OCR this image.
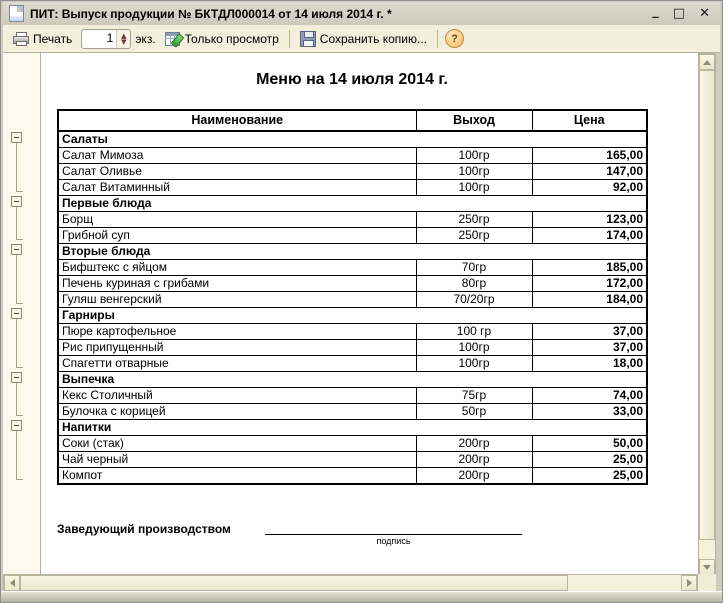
ПИТ: Выпуск продукции № БКТДЛ000014 от 14 июля 2014 г. *	_ □ ✕
Печать	1	▲
▼ экз. Только просмотр	Сохранить копию...	?
Меню на 14 июля 2014 г.
Наименование	Выход	Цена
Салаты		
Салат Мимоза	100гр	165,00
Салат Оливье	100гр	147,00
Салат Витаминный	100гр	92,00
Первые блюда		
Борщ	250гр	123,00
Грибной суп	250гр	174,00
Вторые блюда		
Бифштекс с яйцом	70гр	185,00
Печень куриная с грибами	80гр	172,00
Гуляш венгерский	70/20гр	184,00
Гарниры		
Пюре картофельное	100 гр	37,00
Рис припущенный	100гр	37,00
Спагетти отварные	100гр	18,00
Выпечка		
Кекс Столичный	75гр	74,00
Булочка с корицей	50гр	33,00
Напитки		
Соки (стак)	200гр	50,00
Чай черный	200гр	25,00
Компот	200гр	25,00
Заведующий производством
подпись
